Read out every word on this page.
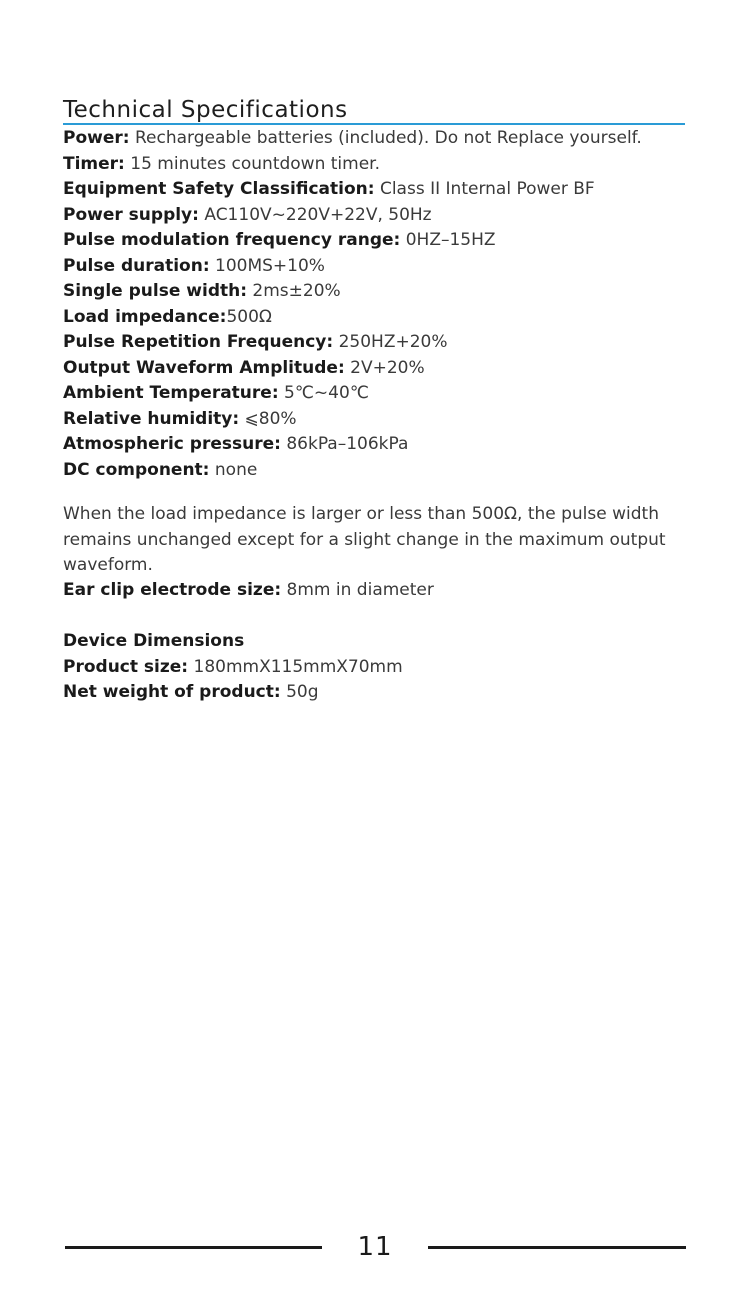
Technical Specifications
Power: Rechargeable batteries (included). Do not Replace yourself.
Timer: 15 minutes countdown timer.
Equipment Safety Classification: Class II Internal Power BF
Power supply: AC110V~220V+22V, 50Hz
Pulse modulation frequency range: 0HZ–15HZ
Pulse duration: 100MS+10%
Single pulse width: 2ms±20%
Load impedance:500Ω
Pulse Repetition Frequency: 250HZ+20%
Output Waveform Amplitude: 2V+20%
Ambient Temperature: 5℃~40℃
Relative humidity: ⩽80%
Atmospheric pressure: 86kPa–106kPa
DC component: none

When the load impedance is larger or less than 500Ω, the pulse width remains unchanged except for a slight change in the maximum output waveform.

Ear clip electrode size: 8mm in diameter

Device Dimensions
Product size: 180mmX115mmX70mm
Net weight of product: 50g
11
